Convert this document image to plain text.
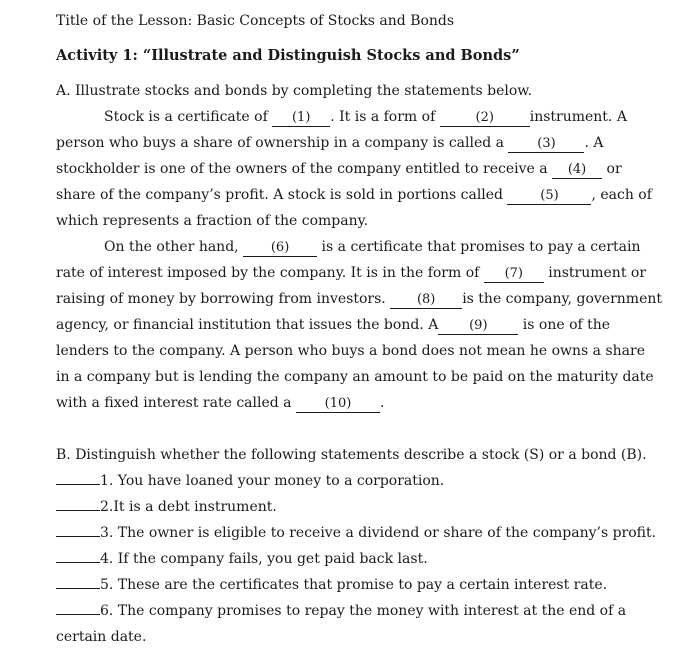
Title of the Lesson: Basic Concepts of Stocks and Bonds
Activity 1: “Illustrate and Distinguish Stocks and Bonds”
A. Illustrate stocks and bonds by completing the statements below.
Stock is a certificate of (1) . It is a form of	(2)	instrument. A
person who buys a share of ownership in a company is called a (3) . A
stockholder is one of the owners of the company entitled to receive a (4) or
share of the company’s profit. A stock is sold in portions called	(5) , each of
which represents a fraction of the company.
On the other hand, (6) is a certificate that promises to pay a certain
rate of interest imposed by the company. It is in the form of (7) instrument or
raising of money by borrowing from investors. (8) is the company, government
agency, or financial institution that issues the bond. A (9) is one of the
lenders to the company. A person who buys a bond does not mean he owns a share
in a company but is lending the company an amount to be paid on the maturity date
with a fixed interest rate called a (10) .
B. Distinguish whether the following statements describe a stock (S) or a bond (B).
1. You have loaned your money to a corporation.
2.It is a debt instrument.
3. The owner is eligible to receive a dividend or share of the company’s profit.
4. If the company fails, you get paid back last.
5. These are the certificates that promise to pay a certain interest rate.
6. The company promises to repay the money with interest at the end of a
certain date.
